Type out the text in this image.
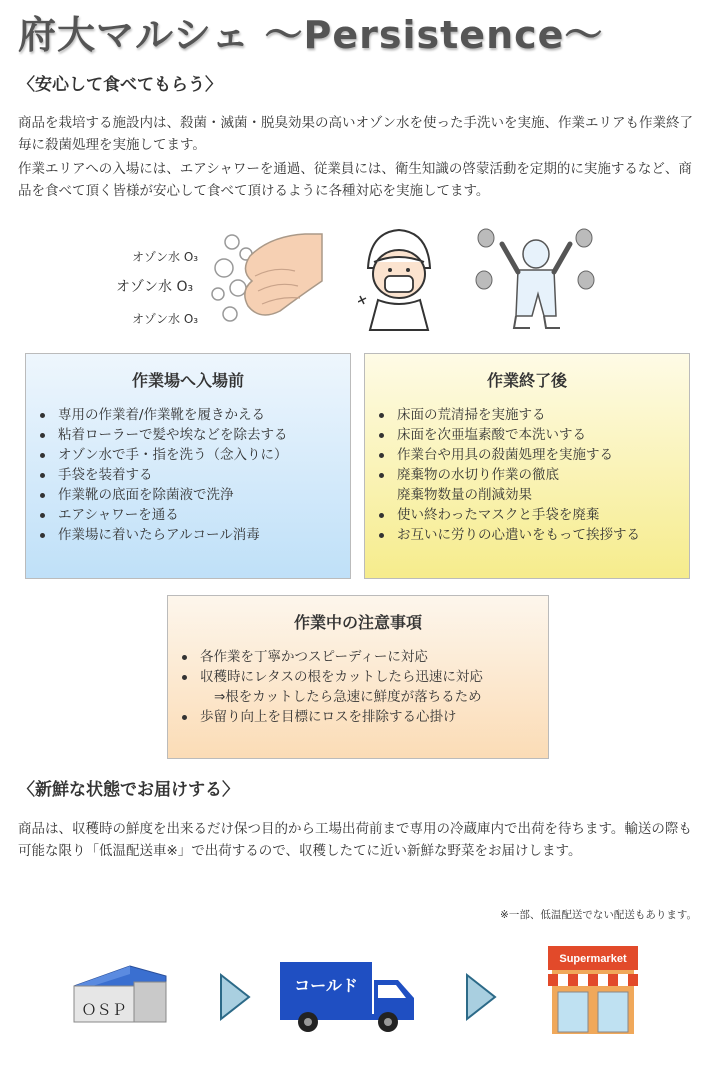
府大マルシェ ～Persistence～
〈安心して食べてもらう〉

商品を栽培する施設内は、殺菌・滅菌・脱臭効果の高いオゾン水を使った手洗いを実施、作業エリアも作業終了毎に殺菌処理を実施してます。

作業エリアへの入場には、エアシャワーを通過、従業員には、衛生知識の啓蒙活動を定期的に実施するなど、商品を食べて頂く皆様が安心して食べて頂けるように各種対応を実施してます。

オゾン水 O₃
オゾン水 O₃
オゾン水 O₃
作業場へ入場前
専用の作業着/作業靴を履きかえる
粘着ローラーで髪や埃などを除去する
オゾン水で手・指を洗う（念入りに）
手袋を装着する
作業靴の底面を除菌液で洗浄
エアシャワーを通る
作業場に着いたらアルコール消毒
作業終了後
床面の荒清掃を実施する
床面を次亜塩素酸で本洗いする
作業台や用具の殺菌処理を実施する
廃棄物の水切り作業の徹底
廃棄物数量の削減効果
使い終わったマスクと手袋を廃棄
お互いに労りの心遣いをもって挨拶する
作業中の注意事項
各作業を丁寧かつスピーディーに対応
収穫時にレタスの根をカットしたら迅速に対応
⇒根をカットしたら急速に鮮度が落ちるため
歩留り向上を目標にロスを排除する心掛け
〈新鮮な状態でお届けする〉

商品は、収穫時の鮮度を出来るだけ保つ目的から工場出荷前まで専用の冷蔵庫内で出荷を待ちます。輸送の際も可能な限り「低温配送車※」で出荷するので、収穫したてに近い新鮮な野菜をお届けします。

※一部、低温配送でない配送もあります。
ＯＳＰ
コールド
Supermarket
